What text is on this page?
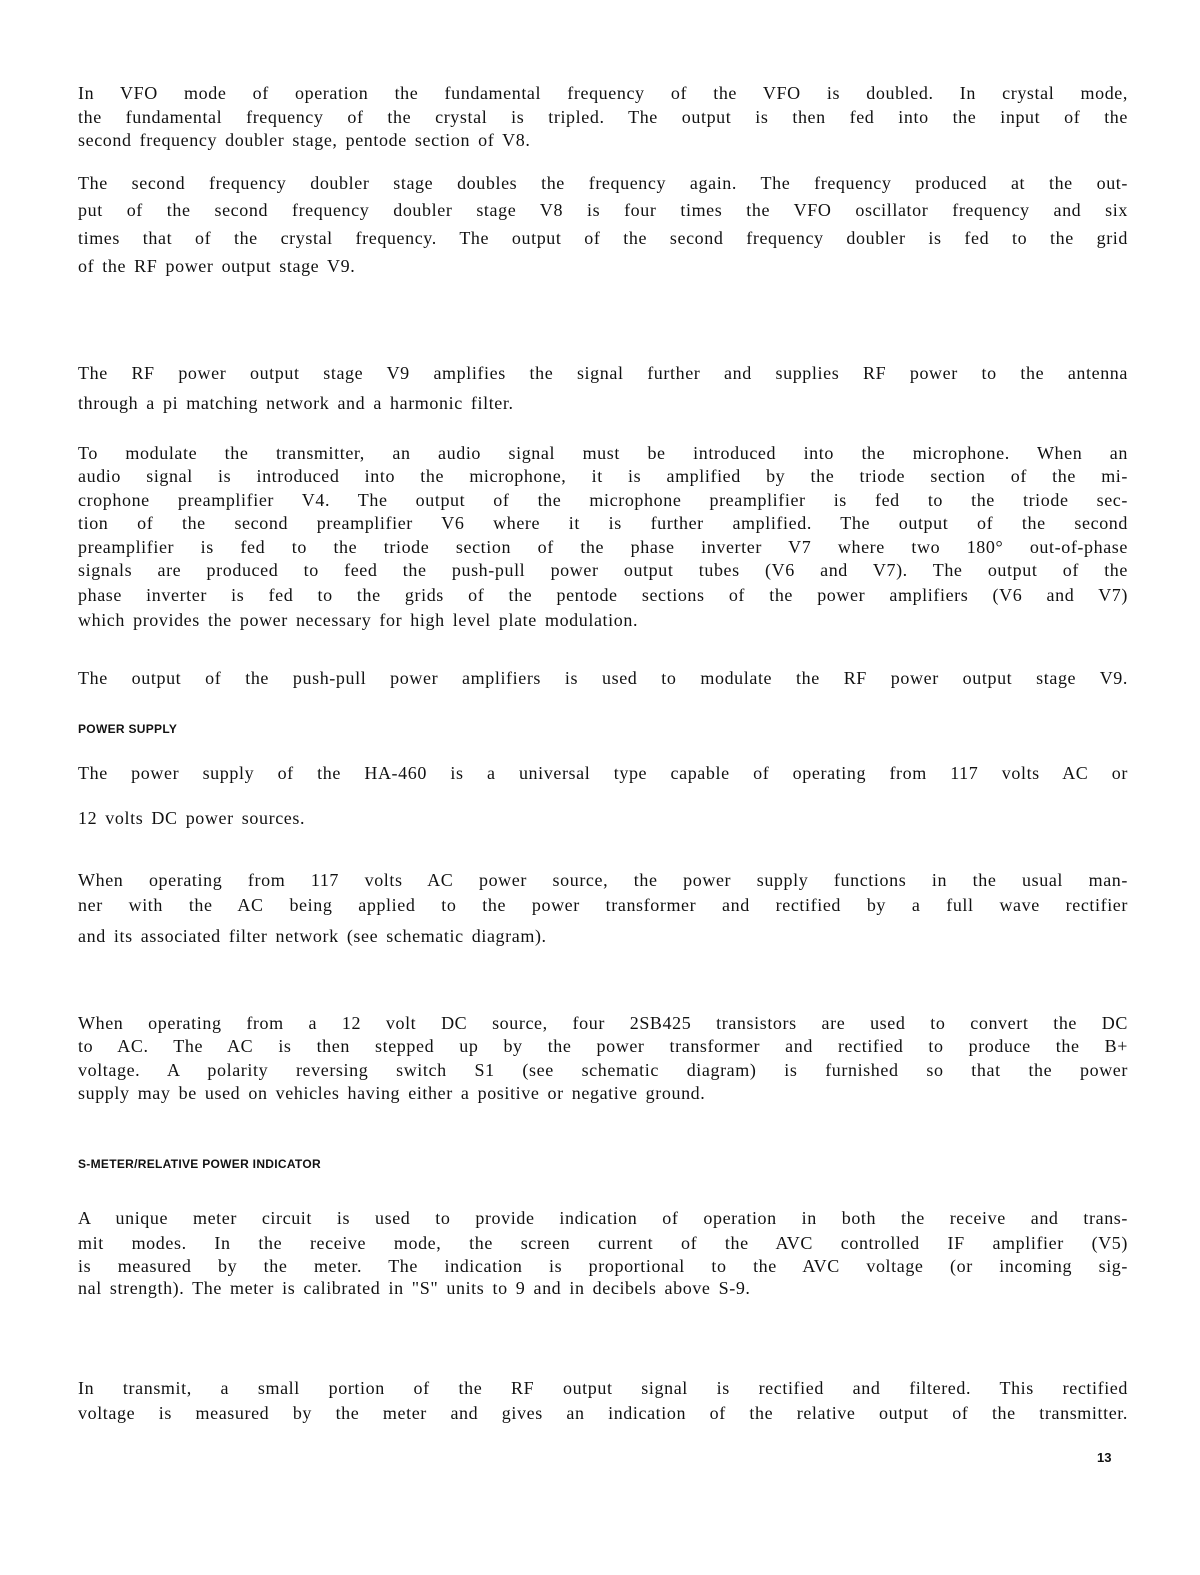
POWER SUPPLY
S-METER/RELATIVE POWER INDICATOR
13
In VFO mode of operation the fundamental frequency of the VFO is doubled. In crystal mode,
the fundamental frequency of the crystal is tripled. The output is then fed into the input of the
second frequency doubler stage, pentode section of V8.
The second frequency doubler stage doubles the frequency again. The frequency produced at the out-
put of the second frequency doubler stage V8 is four times the VFO oscillator frequency and six
times that of the crystal frequency. The output of the second frequency doubler is fed to the grid
of the RF power output stage V9.
The RF power output stage V9 amplifies the signal further and supplies RF power to the antenna
through a pi matching network and a harmonic filter.
To modulate the transmitter, an audio signal must be introduced into the microphone. When an
audio signal is introduced into the microphone, it is amplified by the triode section of the mi-
crophone preamplifier V4. The output of the microphone preamplifier is fed to the triode sec-
tion of the second preamplifier V6 where it is further amplified. The output of the second
preamplifier is fed to the triode section of the phase inverter V7 where two 180° out-of-phase
signals are produced to feed the push-pull power output tubes (V6 and V7). The output of the
phase inverter is fed to the grids of the pentode sections of the power amplifiers (V6 and V7)
which provides the power necessary for high level plate modulation.
The output of the push-pull power amplifiers is used to modulate the RF power output stage V9.
The power supply of the HA-460 is a universal type capable of operating from 117 volts AC or
12 volts DC power sources.
When operating from 117 volts AC power source, the power supply functions in the usual man-
ner with the AC being applied to the power transformer and rectified by a full wave rectifier
and its associated filter network (see schematic diagram).
When operating from a 12 volt DC source, four 2SB425 transistors are used to convert the DC
to AC. The AC is then stepped up by the power transformer and rectified to produce the B+
voltage. A polarity reversing switch S1 (see schematic diagram) is furnished so that the power
supply may be used on vehicles having either a positive or negative ground.
A unique meter circuit is used to provide indication of operation in both the receive and trans-
mit modes. In the receive mode, the screen current of the AVC controlled IF amplifier (V5)
is measured by the meter. The indication is proportional to the AVC voltage (or incoming sig-
nal strength). The meter is calibrated in "S" units to 9 and in decibels above S-9.
In transmit, a small portion of the RF output signal is rectified and filtered. This rectified
voltage is measured by the meter and gives an indication of the relative output of the transmitter.
